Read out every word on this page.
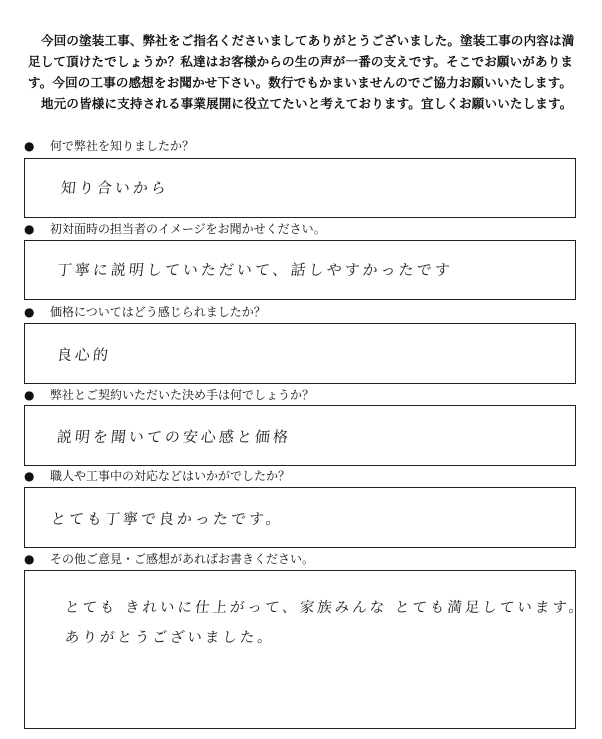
今回の塗装工事、弊社をご指名くださいましてありがとうございました。塗装工事の内容は満足して頂けたでしょうか？私達はお客様からの生の声が一番の支えです。そこでお願いがあります。今回の工事の感想をお聞かせ下さい。数行でもかまいませんのでご協力お願いいたします。

地元の皆様に支持される事業展開に役立てたいと考えております。宜しくお願いいたします。

● 何で弊社を知りましたか？
知り合いから
● 初対面時の担当者のイメージをお聞かせください。
丁寧に説明していただいて、話しやすかったです
● 価格についてはどう感じられましたか？
良心的
● 弊社とご契約いただいた決め手は何でしょうか？
説明を聞いての安心感と価格
● 職人や工事中の対応などはいかがでしたか？
とても丁寧で良かったです。
● その他ご意見・ご感想があればお書きください。
とても きれいに仕上がって、家族みんな とても満足しています。
ありがとうございました。
